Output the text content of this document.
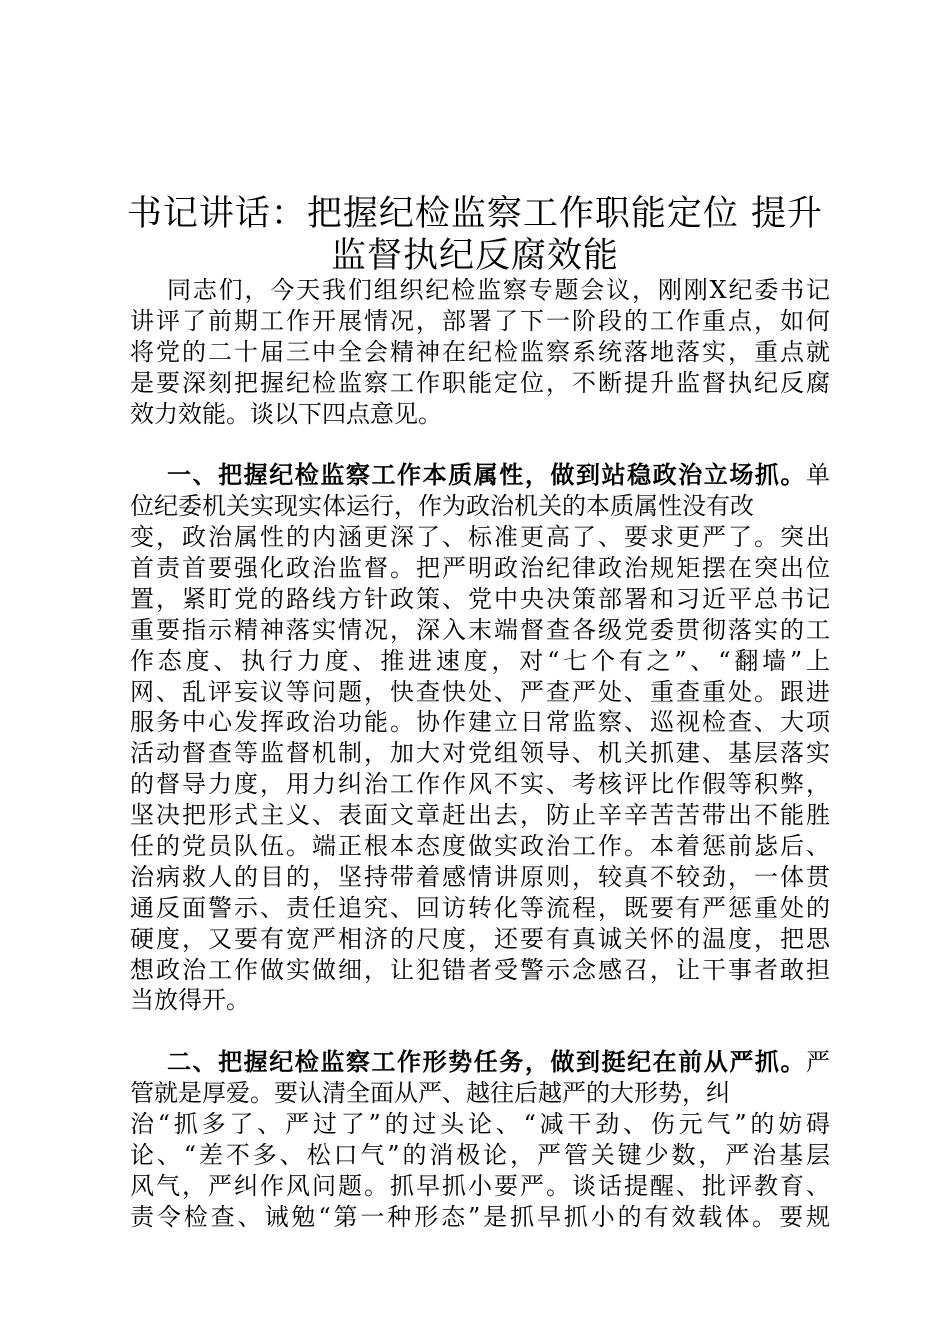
书记讲话：把握纪检监察工作职能定位 提升
监督执纪反腐效能
同志们，今天我们组织纪检监察专题会议，刚刚X纪委书记
讲评了前期工作开展情况，部署了下一阶段的工作重点，如何
将党的二十届三中全会精神在纪检监察系统落地落实，重点就
是要深刻把握纪检监察工作职能定位，不断提升监督执纪反腐
效力效能。谈以下四点意见。
一、把握纪检监察工作本质属性，做到站稳政治立场抓。单
位纪委机关实现实体运行，作为政治机关的本质属性没有改
变，政治属性的内涵更深了、标准更高了、要求更严了。突出
首责首要强化政治监督。把严明政治纪律政治规矩摆在突出位
置，紧盯党的路线方针政策、党中央决策部署和习近平总书记
重要指示精神落实情况，深入末端督查各级党委贯彻落实的工
作态度、执行力度、推进速度，对“七个有之”、“翻墙”上
网、乱评妄议等问题，快查快处、严查严处、重查重处。跟进
服务中心发挥政治功能。协作建立日常监察、巡视检查、大项
活动督查等监督机制，加大对党组领导、机关抓建、基层落实
的督导力度，用力纠治工作作风不实、考核评比作假等积弊，
坚决把形式主义、表面文章赶出去，防止辛辛苦苦带出不能胜
任的党员队伍。端正根本态度做实政治工作。本着惩前毖后、
治病救人的目的，坚持带着感情讲原则，较真不较劲，一体贯
通反面警示、责任追究、回访转化等流程，既要有严惩重处的
硬度，又要有宽严相济的尺度，还要有真诚关怀的温度，把思
想政治工作做实做细，让犯错者受警示念感召，让干事者敢担
当放得开。
二、把握纪检监察工作形势任务，做到挺纪在前从严抓。严
管就是厚爱。要认清全面从严、越往后越严的大形势，纠
治“抓多了、严过了”的过头论、“减干劲、伤元气”的妨碍
论、“差不多、松口气”的消极论，严管关键少数，严治基层
风气，严纠作风问题。抓早抓小要严。谈话提醒、批评教育、
责令检查、诫勉“第一种形态”是抓早抓小的有效载体。要规
